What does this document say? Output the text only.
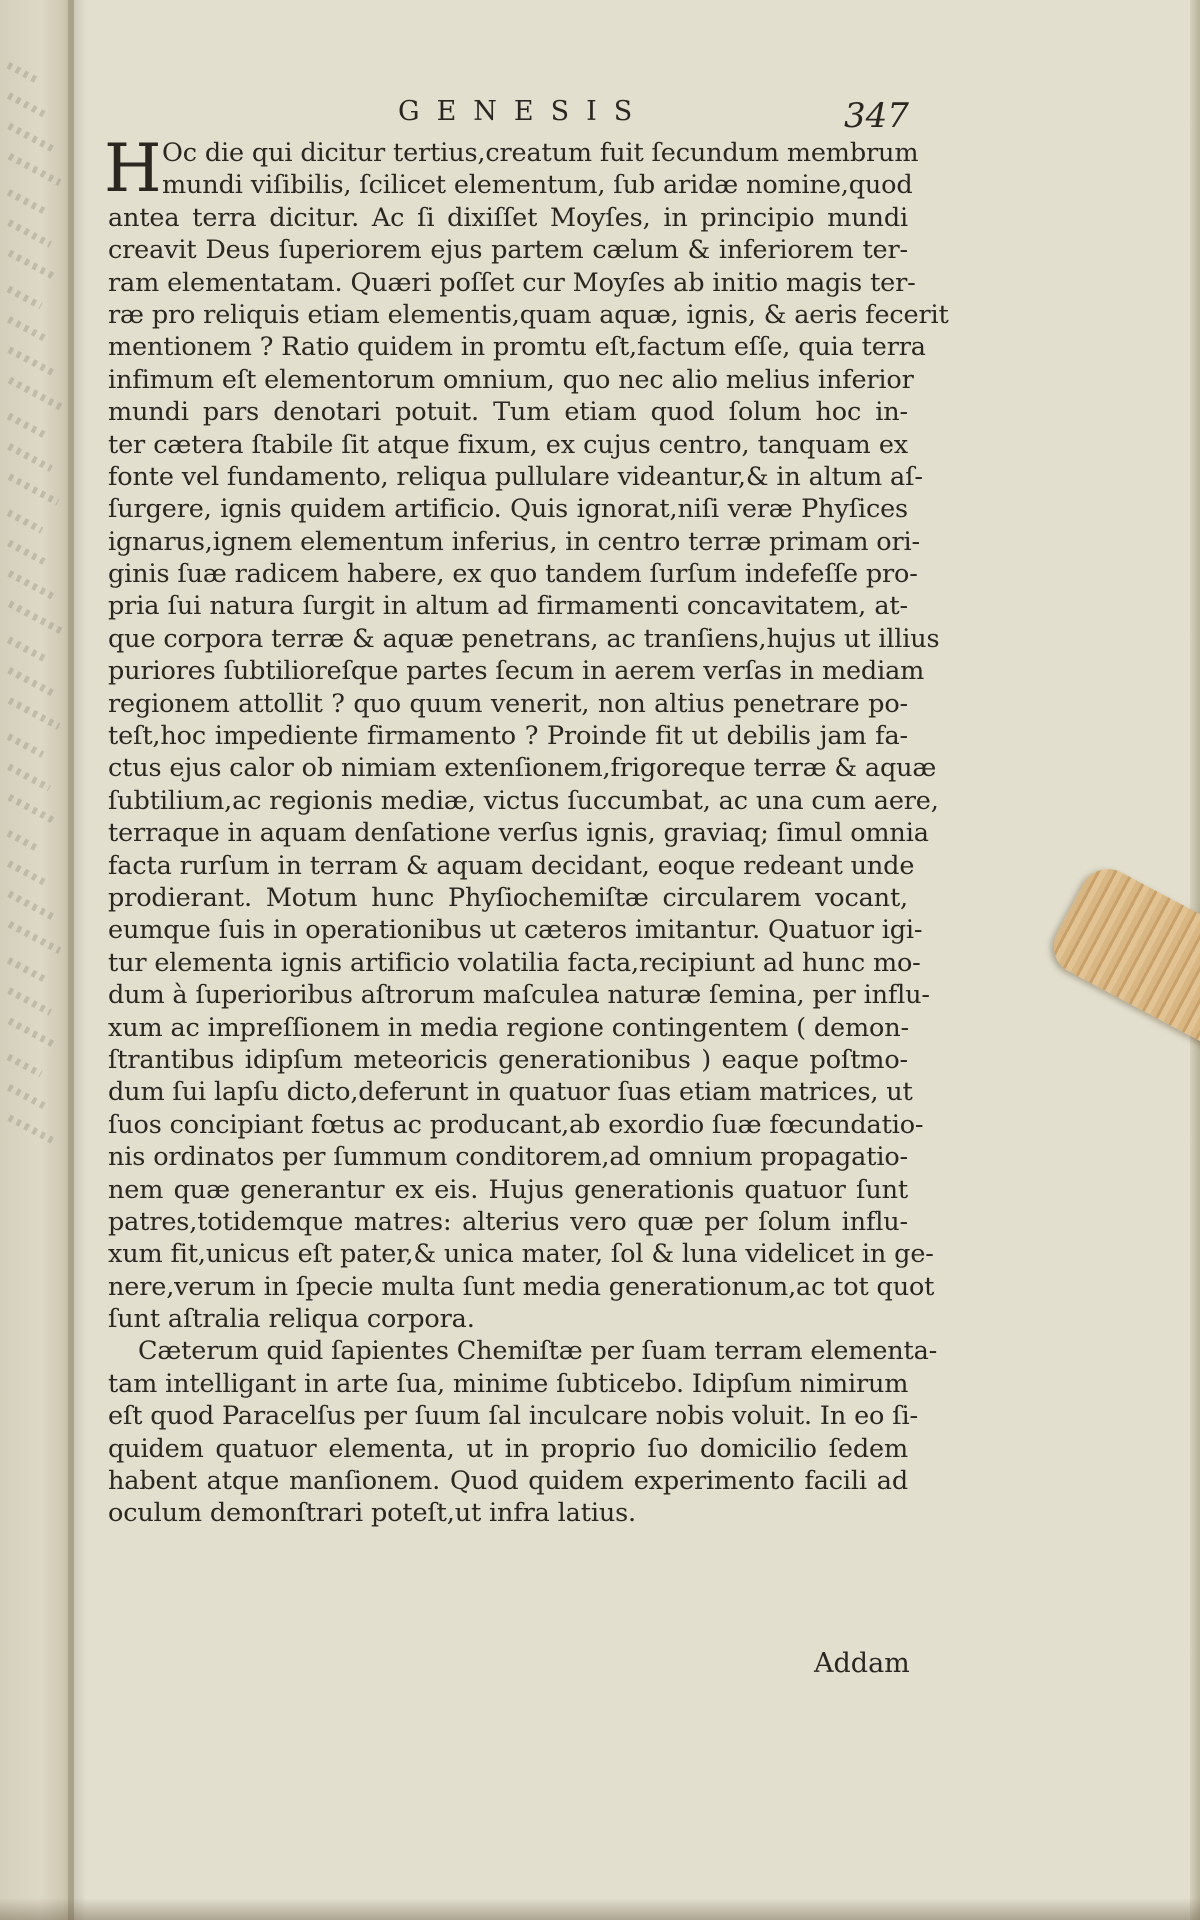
GENESIS	347
H Oc die qui dicitur tertius,creatum fuit ſecundum membrum
mundi viſibilis, ſcilicet elementum, ſub aridæ nomine,quod
antea terra dicitur. Ac ſi dixiſſet Moyſes, in principio mundi
creavit Deus ſuperiorem ejus partem cælum & inferiorem ter-
ram elementatam. Quæri poſſet cur Moyſes ab initio magis ter-
ræ pro reliquis etiam elementis,quam aquæ, ignis, & aeris fecerit
mentionem ? Ratio quidem in promtu eſt,factum eſſe, quia terra
infimum eſt elementorum omnium, quo nec alio melius inferior
mundi pars denotari potuit. Tum etiam quod ſolum hoc in-
ter cætera ſtabile ſit atque fixum, ex cujus centro, tanquam ex
fonte vel fundamento, reliqua pullulare videantur,& in altum aſ-
ſurgere, ignis quidem artificio. Quis ignorat,niſi veræ Phyſices
ignarus,ignem elementum inferius, in centro terræ primam ori-
ginis ſuæ radicem habere, ex quo tandem ſurſum indefeſſe pro-
pria ſui natura ſurgit in altum ad firmamenti concavitatem, at-
que corpora terræ & aquæ penetrans, ac tranſiens,hujus ut illius
puriores ſubtilioreſque partes ſecum in aerem verſas in mediam
regionem attollit ? quo quum venerit, non altius penetrare po-
teſt,hoc impediente firmamento ? Proinde fit ut debilis jam fa-
ctus ejus calor ob nimiam extenſionem,frigoreque terræ & aquæ
ſubtilium,ac regionis mediæ, victus ſuccumbat, ac una cum aere,
terraque in aquam denſatione verſus ignis, graviaq; ſimul omnia
facta rurſum in terram & aquam decidant, eoque redeant unde
prodierant. Motum hunc Phyſiochemiſtæ circularem vocant,
eumque ſuis in operationibus ut cæteros imitantur. Quatuor igi-
tur elementa ignis artificio volatilia facta,recipiunt ad hunc mo-
dum à ſuperioribus aſtrorum maſculea naturæ ſemina, per influ-
xum ac impreſſionem in media regione contingentem ( demon-
ſtrantibus idipſum meteoricis generationibus ) eaque poſtmo-
dum ſui lapſu dicto,deferunt in quatuor ſuas etiam matrices, ut
ſuos concipiant fœtus ac producant,ab exordio ſuæ fœcundatio-
nis ordinatos per ſummum conditorem,ad omnium propagatio-
nem quæ generantur ex eis. Hujus generationis quatuor ſunt
patres,totidemque matres: alterius vero quæ per ſolum influ-
xum fit,unicus eſt pater,& unica mater, ſol & luna videlicet in ge-
nere,verum in ſpecie multa ſunt media generationum,ac tot quot
ſunt aſtralia reliqua corpora.
Cæterum quid ſapientes Chemiſtæ per ſuam terram elementa-
tam intelligant in arte ſua, minime ſubticebo. Idipſum nimirum
eſt quod Paracelſus per ſuum ſal inculcare nobis voluit. In eo ſi-
quidem quatuor elementa, ut in proprio ſuo domicilio ſedem
habent atque manſionem. Quod quidem experimento facili ad
oculum demonſtrari poteſt,ut infra latius.
Addam
